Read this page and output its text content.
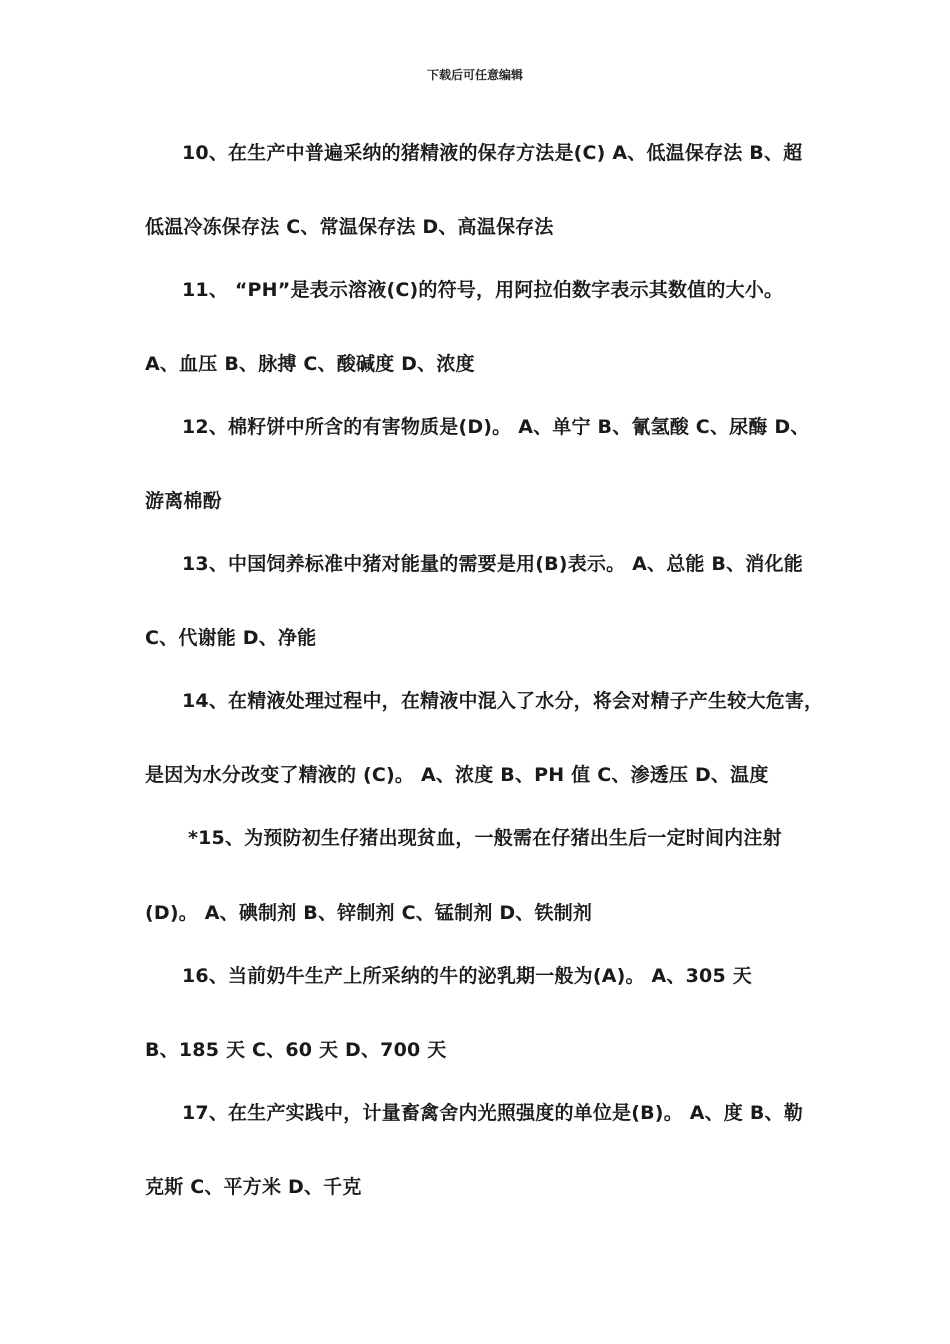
下载后可任意编辑
10、在生产中普遍采纳的猪精液的保存方法是(C) A、低温保存法 B、超
低温冷冻保存法 C、常温保存法 D、高温保存法
11、 “PH”是表示溶液(C)的符号，用阿拉伯数字表示其数值的大小。
A、血压 B、脉搏 C、酸碱度 D、浓度
12、棉籽饼中所含的有害物质是(D)。 A、单宁 B、氰氢酸 C、尿酶 D、
游离棉酚
13、中国饲养标准中猪对能量的需要是用(B)表示。 A、总能 B、消化能
C、代谢能 D、净能
14、在精液处理过程中，在精液中混入了水分，将会对精子产生较大危害，
是因为水分改变了精液的 (C)。 A、浓度 B、PH 值 C、渗透压 D、温度
*15、为预防初生仔猪出现贫血，一般需在仔猪出生后一定时间内注射
(D)。 A、碘制剂 B、锌制剂 C、锰制剂 D、铁制剂
16、当前奶牛生产上所采纳的牛的泌乳期一般为(A)。 A、305 天
B、185 天 C、60 天 D、700 天
17、在生产实践中，计量畜禽舍内光照强度的单位是(B)。 A、度 B、勒
克斯 C、平方米 D、千克
